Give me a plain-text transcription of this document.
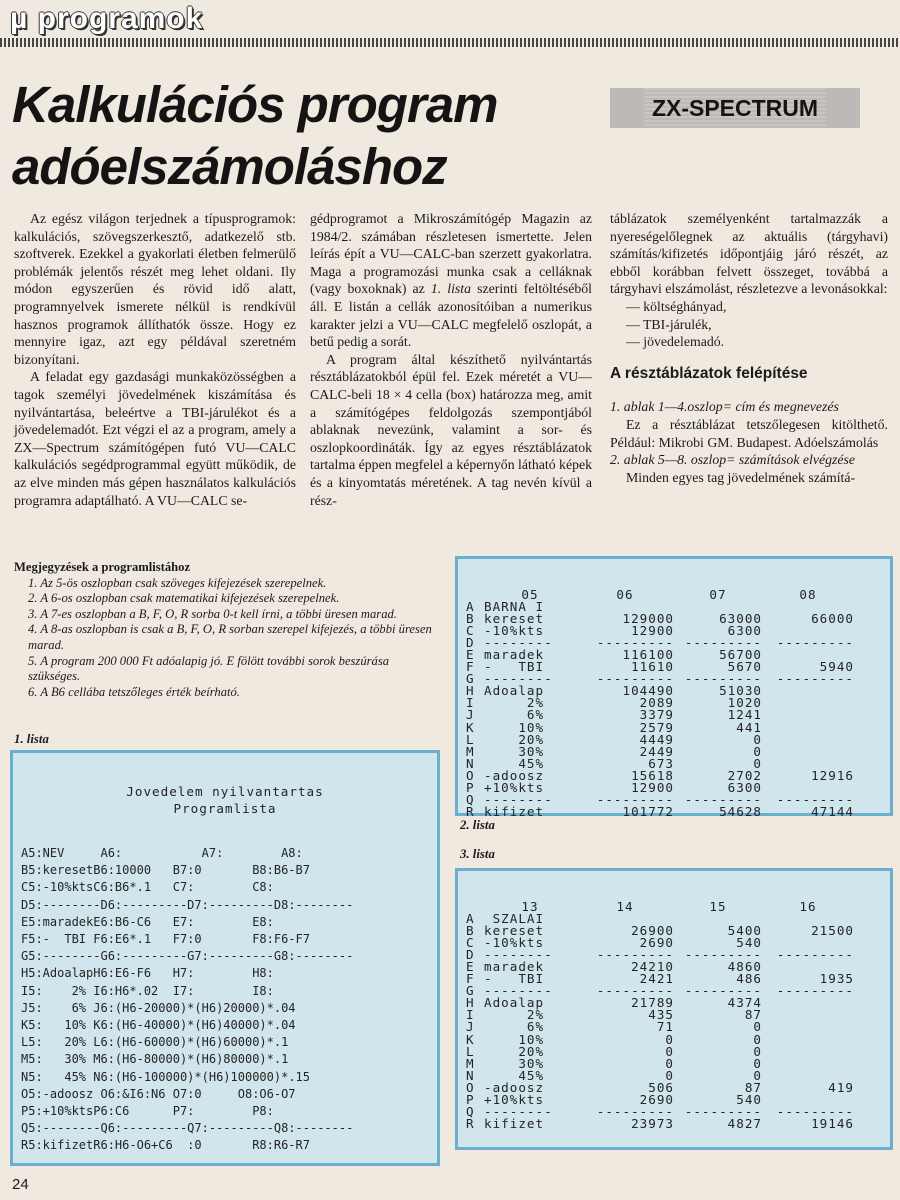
µ programok
Kalkulációs program
adóelszámoláshoz
ZX-SPECTRUM

Az egész világon terjednek a típusprogramok: kalkulációs, szövegszerkesztő, adatkezelő stb. szoftverek. Ezekkel a gyakorlati életben felmerülő problémák jelentős részét meg lehet oldani. Ily módon egyszerűen és rövid idő alatt, programnyelvek ismerete nélkül is rendkívül hasznos programok állíthatók össze. Hogy ez mennyire igaz, azt egy példával szeretném bizonyítani.

A feladat egy gazdasági munkaközösségben a tagok személyi jövedelmének kiszámítása és nyilvántartása, beleértve a TBI-járulékot és a jövedelemadót. Ezt végzi el az a program, amely a ZX—Spectrum számítógépen futó VU—CALC kalkulációs segédprogrammal együtt működik, de az elve minden más gépen használatos kalkulációs programra adaptálható. A VU—CALC se-

gédprogramot a Mikroszámítógép Magazin az 1984/2. számában részletesen ismertette. Jelen leírás épít a VU—CALC-ban szerzett gyakorlatra. Maga a programozási munka csak a celláknak (vagy boxoknak) az 1. lista szerinti feltöltéséből áll. E listán a cellák azonosítóiban a numerikus karakter jelzi a VU—CALC megfelelő oszlopát, a betű pedig a sorát.

A program által készíthető nyilvántartás résztáblázatokból épül fel. Ezek méretét a VU—CALC-beli 18 × 4 cella (box) határozza meg, amit a számítógépes feldolgozás szempontjából ablaknak nevezünk, valamint a sor- és oszlopkoordináták. Így az egyes résztáblázatok tartalma éppen megfelel a képernyőn látható képek és a kinyomtatás méretének. A tag nevén kívül a rész-

táblázatok személyenként tartalmazzák a nyereségelőlegnek az aktuális (tárgyhavi) számítás/kifizetés időpontjáig járó részét, az ebből korábban felvett összeget, továbbá a tárgyhavi elszámolást, részletezve a levonásokkal:

— költséghányad,
— TBI-járulék,
— jövedelemadó.
A résztáblázatok felépítése

1. ablak 1—4.oszlop= cím és megnevezés

Ez a résztáblázat tetszőlegesen kitölthető. Például: Mikrobi GM. Budapest. Adóelszámolás

2. ablak 5—8. oszlop= számítások elvégzése

Minden egyes tag jövedelmének számítá-

Megjegyzések a programlistához
1. Az 5-ös oszlopban csak szöveges kifejezések szerepelnek.
2. A 6-os oszlopban csak matematikai kifejezések szerepelnek.
3. A 7-es oszlopban a B, F, O, R sorba 0-t kell írni, a többi üresen marad.
4. A 8-as oszlopban is csak a B, F, O, R sorban szerepel kifejezés, a többi üresen marad.
5. A program 200 000 Ft adóalapig jó. E fölött további sorok beszúrása szükséges.
6. A B6 cellába tetszőleges érték beírható.
1. lista
2. lista
3. lista
Jovedelem nyilvantartas
Programlista
A5:NEV     A6:           A7:        A8:
B5:keresetB6:10000   B7:0       B8:B6-B7
C5:-10%ktsC6:B6*.1   C7:        C8:
D5:--------D6:---------D7:---------D8:--------
E5:maradekE6:B6-C6   E7:        E8:
F5:-  TBI F6:E6*.1   F7:0       F8:F6-F7
G5:--------G6:---------G7:---------G8:--------
H5:AdoalapH6:E6-F6   H7:        H8:
I5:    2% I6:H6*.02  I7:        I8:
J5:    6% J6:(H6-20000)*(H6)20000)*.04
K5:   10% K6:(H6-40000)*(H6)40000)*.04
L5:   20% L6:(H6-60000)*(H6)60000)*.1
M5:   30% M6:(H6-80000)*(H6)80000)*.1
N5:   45% N6:(H6-100000)*(H6)100000)*.15
O5:-adoosz O6:&I6:N6 O7:0     O8:O6-O7
P5:+10%ktsP6:C6      P7:        P8:
Q5:--------Q6:---------Q7:---------Q8:--------
R5:kifizetR6:H6-O6+C6  :0       R8:R6-R7

	05	06	07	08
A	BARNA I			
B	kereset	129000	63000	66000
C	-10%kts	12900	6300	
D	--------	---------	---------	---------
E	maradek	116100	56700	
F	-   TBI	11610	5670	5940
G	--------	---------	---------	---------
H	Adoalap	104490	51030	
I	2%	2089	1020	
J	6%	3379	1241	
K	10%	2579	441	
L	20%	4449	0	
M	30%	2449	0	
N	45%	673	0	
O	-adoosz	15618	2702	12916
P	+10%kts	12900	6300	
Q	--------	---------	---------	---------
R	kifizet	101772	54628	47144

	13	14	15	16
A	SZALAI			
B	kereset	26900	5400	21500
C	-10%kts	2690	540	
D	--------	---------	---------	---------
E	maradek	24210	4860	
F	-   TBI	2421	486	1935
G	--------	---------	---------	---------
H	Adoalap	21789	4374	
I	2%	435	87	
J	6%	71	0	
K	10%	0	0	
L	20%	0	0	
M	30%	0	0	
N	45%	0	0	
O	-adoosz	506	87	419
P	+10%kts	2690	540	
Q	--------	---------	---------	---------
R	kifizet	23973	4827	19146

24
